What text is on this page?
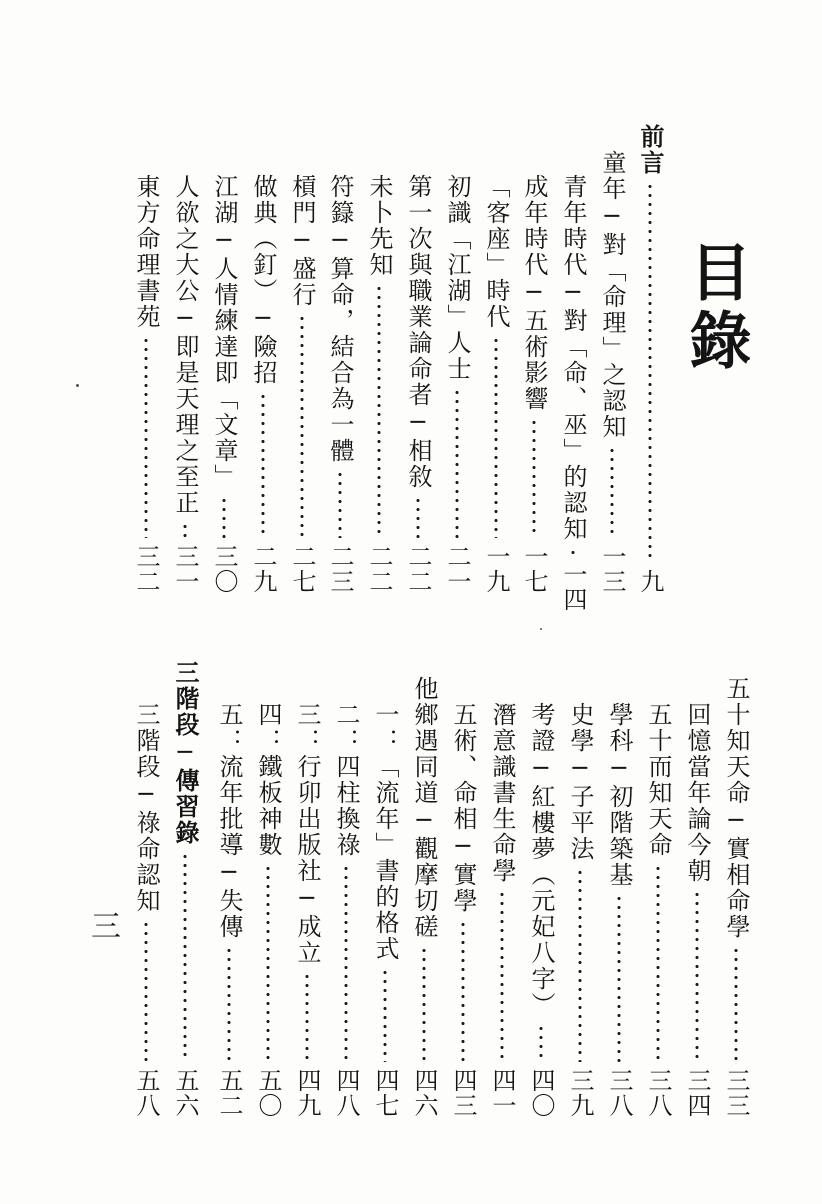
目錄
前言
九
童年─對「命理」之認知
一三
青年時代─對「命、巫」的認知
一四
成年時代─五術影響
一七
「客座」時代
一九
初識「江湖」人士
二一
第一次與職業論命者─相敘
二二
未卜先知
二二
符籙─算命，結合為一體
二三
槓門─盛行
二七
做典（釘）─險招
二九
江湖─人情練達即「文章」
三〇
人欲之大公─即是天理之至正
三一
東方命理書苑
三二
五十知天命─實相命學
三三
回憶當年論今朝
三四
五十而知天命
三八
學科─初階築基
三八
史學─子平法
三九
考證─紅樓夢（元妃八字）
四〇
潛意識書生命學
四一
五術、命相─實學
四三
他鄉遇同道─觀摩切磋
四六
一：「流年」書的格式
四七
二：四柱換祿
四八
三：行卯出版社─成立
四九
四：鐵板神數
五〇
五：流年批導─失傳
五二
三階段─傳習錄
五六
三階段─祿命認知
五八
三
